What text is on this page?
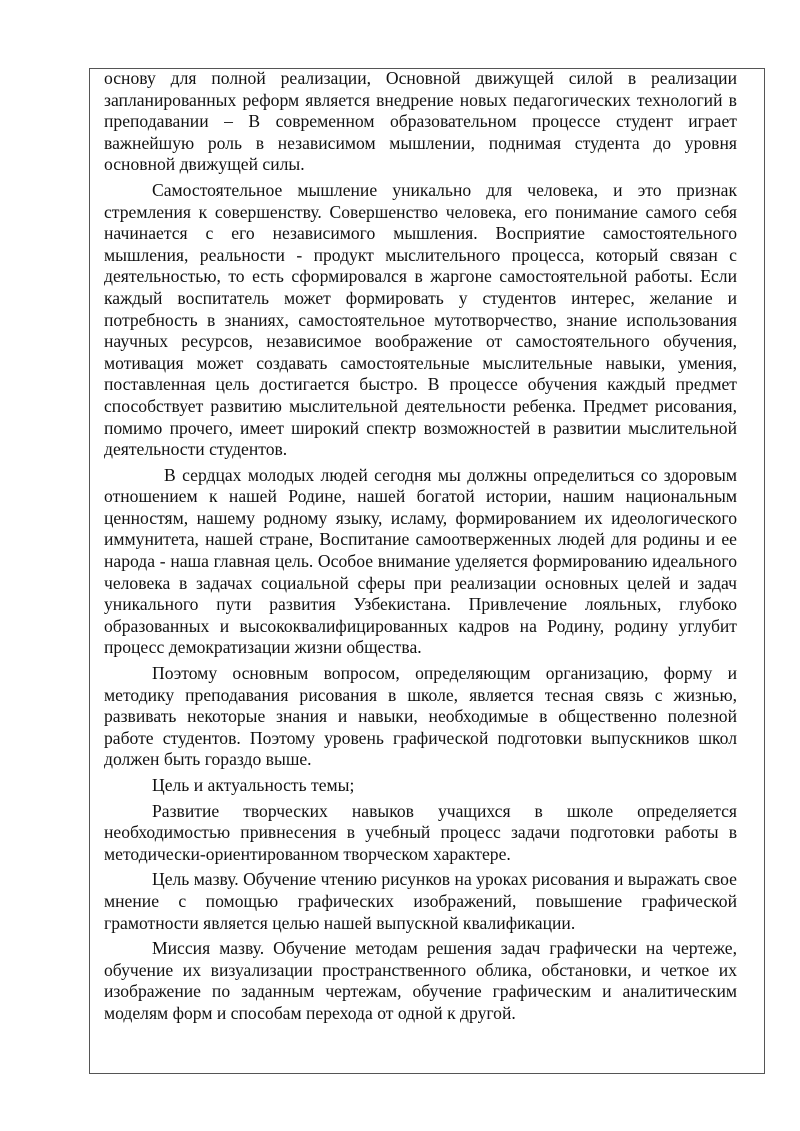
основу для полной реализации, Основной движущей силой в реализации запланированных реформ является внедрение новых педагогических технологий в преподавании – В современном образовательном процессе студент играет важнейшую роль в независимом мышлении, поднимая студента до уровня основной движущей силы.

Самостоятельное мышление уникально для человека, и это признак стремления к совершенству. Совершенство человека, его понимание самого себя начинается с его независимого мышления. Восприятие самостоятельного мышления, реальности - продукт мыслительного процесса, который связан с деятельностью, то есть сформировался в жаргоне самостоятельной работы. Если каждый воспитатель может формировать у студентов интерес, желание и потребность в знаниях, самостоятельное мутотворчество, знание использования научных ресурсов, независимое воображение от самостоятельного обучения, мотивация может создавать самостоятельные мыслительные навыки, умения, поставленная цель достигается быстро. В процессе обучения каждый предмет способствует развитию мыслительной деятельности ребенка. Предмет рисования, помимо прочего, имеет широкий спектр возможностей в развитии мыслительной деятельности студентов.

В сердцах молодых людей сегодня мы должны определиться со здоровым отношением к нашей Родине, нашей богатой истории, нашим национальным ценностям, нашему родному языку, исламу, формированием их идеологического иммунитета, нашей стране, Воспитание самоотверженных людей для родины и ее народа - наша главная цель. Особое внимание уделяется формированию идеального человека в задачах социальной сферы при реализации основных целей и задач уникального пути развития Узбекистана. Привлечение лояльных, глубоко образованных и высококвалифицированных кадров на Родину, родину углубит процесс демократизации жизни общества.

Поэтому основным вопросом, определяющим организацию, форму и методику преподавания рисования в школе, является тесная связь с жизнью, развивать некоторые знания и навыки, необходимые в общественно полезной работе студентов. Поэтому уровень графической подготовки выпускников школ должен быть гораздо выше.

Цель и актуальность темы;

Развитие творческих навыков учащихся в школе определяется необходимостью привнесения в учебный процесс задачи подготовки работы в методически-ориентированном творческом характере.

Цель мазву. Обучение чтению рисунков на уроках рисования и выражать свое мнение с помощью графических изображений, повышение графической грамотности является целью нашей выпускной квалификации.

Миссия мазву. Обучение методам решения задач графически на чертеже, обучение их визуализации пространственного облика, обстановки, и четкое их изображение по заданным чертежам, обучение графическим и аналитическим моделям форм и способам перехода от одной к другой.
